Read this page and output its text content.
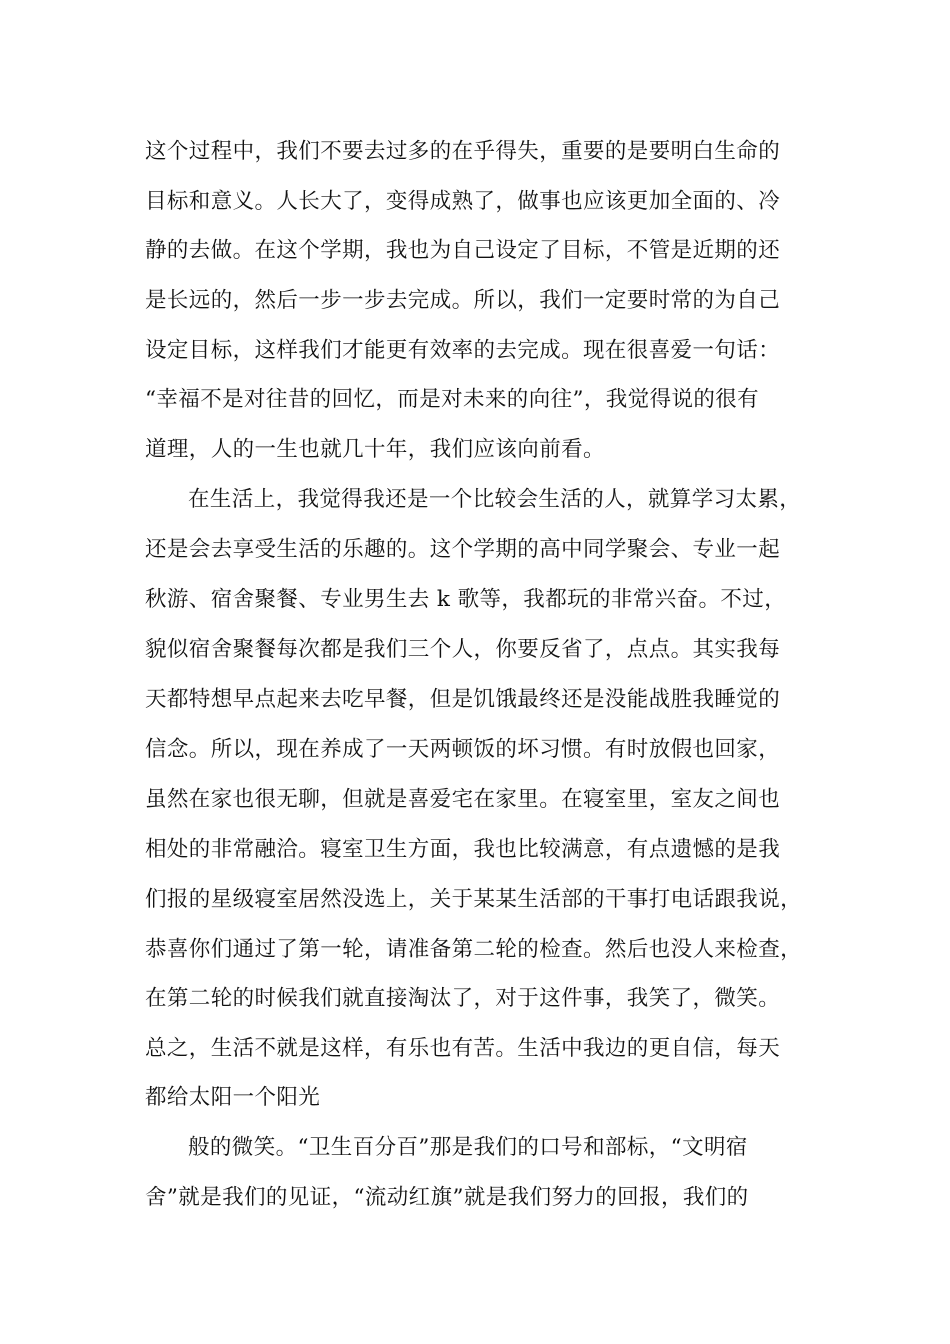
这个过程中，我们不要去过多的在乎得失，重要的是要明白生命的
目标和意义。人长大了，变得成熟了，做事也应该更加全面的、冷
静的去做。在这个学期，我也为自己设定了目标，不管是近期的还
是长远的，然后一步一步去完成。所以，我们一定要时常的为自己
设定目标，这样我们才能更有效率的去完成。现在很喜爱一句话：
“幸福不是对往昔的回忆，而是对未来的向往”，我觉得说的很有
道理，人的一生也就几十年，我们应该向前看。
在生活上，我觉得我还是一个比较会生活的人，就算学习太累，
还是会去享受生活的乐趣的。这个学期的高中同学聚会、专业一起
秋游、宿舍聚餐、专业男生去 k 歌等，我都玩的非常兴奋。不过，
貌似宿舍聚餐每次都是我们三个人，你要反省了，点点。其实我每
天都特想早点起来去吃早餐，但是饥饿最终还是没能战胜我睡觉的
信念。所以，现在养成了一天两顿饭的坏习惯。有时放假也回家，
虽然在家也很无聊，但就是喜爱宅在家里。在寝室里，室友之间也
相处的非常融洽。寝室卫生方面，我也比较满意，有点遗憾的是我
们报的星级寝室居然没选上，关于某某生活部的干事打电话跟我说，
恭喜你们通过了第一轮，请准备第二轮的检查。然后也没人来检查，
在第二轮的时候我们就直接淘汰了，对于这件事，我笑了，微笑。
总之，生活不就是这样，有乐也有苦。生活中我边的更自信，每天
都给太阳一个阳光
般的微笑。“卫生百分百”那是我们的口号和部标，“文明宿
舍”就是我们的见证，“流动红旗”就是我们努力的回报，我们的
